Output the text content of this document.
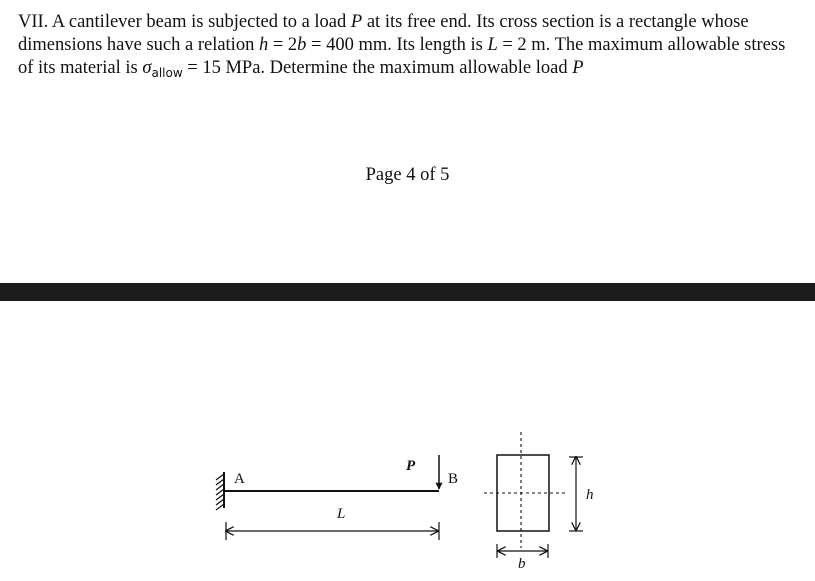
VII. A cantilever beam is subjected to a load P at its free end. Its cross section is a rectangle whose dimensions have such a relation h = 2b = 400 mm. Its length is L = 2 m. The maximum allowable stress of its material is $\sigma_{allow} = 15$ MPa. Determine the maximum allowable load P

Page 4 of 5
A	B
P
L
h
b
